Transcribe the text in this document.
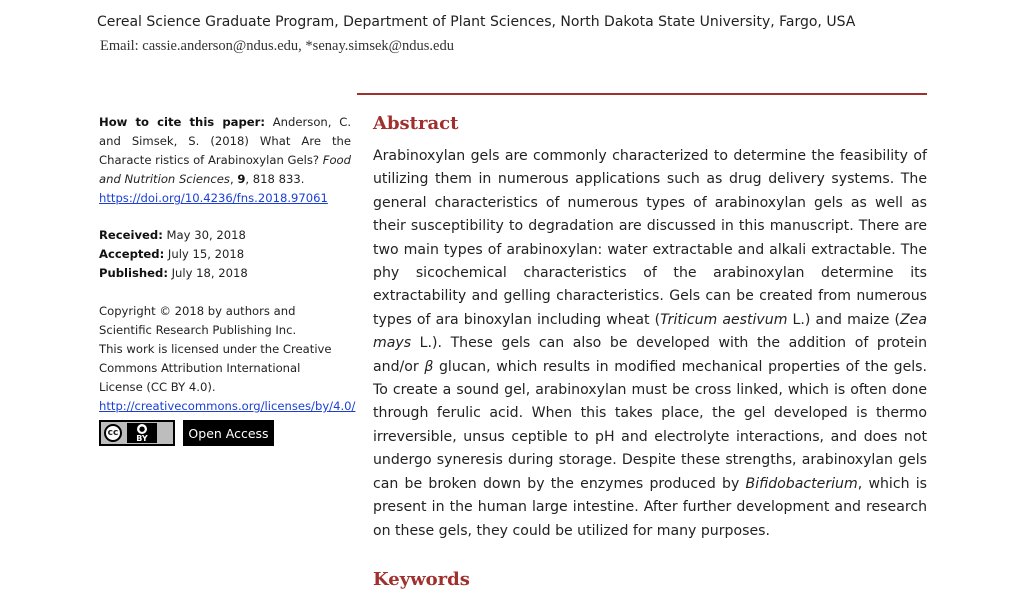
Cereal Science Graduate Program, Department of Plant Sciences, North Dakota State University, Fargo, USA

Email: cassie.anderson@ndus.edu, *senay.simsek@ndus.edu

How to cite this paper: Anderson, C. and Simsek, S. (2018) What Are the Characte ristics of Arabinoxylan Gels? Food and Nutrition Sciences, 9, 818 833.
https://doi.org/10.4236/fns.2018.97061

Received: May 30, 2018
Accepted: July 15, 2018
Published: July 18, 2018

Copyright © 2018 by authors and
Scientific Research Publishing Inc.
This work is licensed under the Creative
Commons Attribution International
License (CC BY 4.0).
http://creativecommons.org/licenses/by/4.0/

cc	●
BY	Open Access
Abstract

Arabinoxylan gels are commonly characterized to determine the feasibility of utilizing them in numerous applications such as drug delivery systems. The general characteristics of numerous types of arabinoxylan gels as well as their susceptibility to degradation are discussed in this manuscript. There are two main types of arabinoxylan: water extractable and alkali extractable. The phy sicochemical characteristics of the arabinoxylan determine its extractability and gelling characteristics. Gels can be created from numerous types of ara binoxylan including wheat (Triticum aestivum L.) and maize (Zea mays L.). These gels can also be developed with the addition of protein and/or β glucan, which results in modified mechanical properties of the gels. To create a sound gel, arabinoxylan must be cross linked, which is often done through ferulic acid. When this takes place, the gel developed is thermo irreversible, unsus ceptible to pH and electrolyte interactions, and does not undergo syneresis during storage. Despite these strengths, arabinoxylan gels can be broken down by the enzymes produced by Bifidobacterium, which is present in the human large intestine. After further development and research on these gels, they could be utilized for many purposes.

Keywords
